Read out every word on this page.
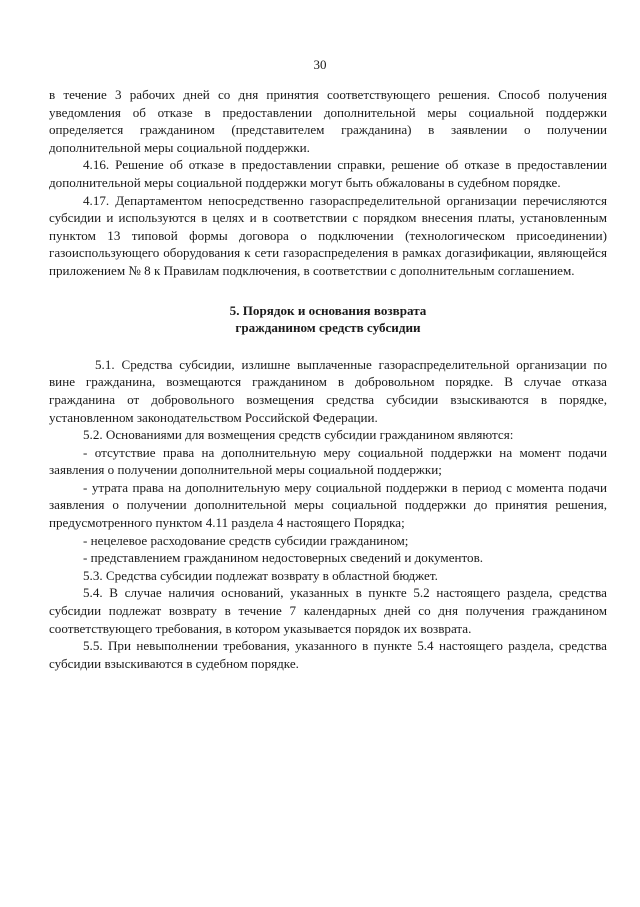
30

в течение 3 рабочих дней со дня принятия соответствующего решения. Способ получения уведомления об отказе в предоставлении дополнительной меры социальной поддержки определяется гражданином (представителем гражданина) в заявлении о получении дополнительной меры социальной поддержки.

4.16. Решение об отказе в предоставлении справки, решение об отказе в предоставлении дополнительной меры социальной поддержки могут быть обжалованы в судебном порядке.

4.17. Департаментом непосредственно газораспределительной организации перечисляются субсидии и используются в целях и в соответствии с порядком внесения платы, установленным пунктом 13 типовой формы договора о подключении (технологическом присоединении) газоиспользующего оборудования к сети газораспределения в рамках догазификации, являющейся приложением № 8 к Правилам подключения, в соответствии с дополнительным соглашением.

5. Порядок и основания возврата
гражданином средств субсидии

5.1. Средства субсидии, излишне выплаченные газораспределительной организации по вине гражданина, возмещаются гражданином в добровольном порядке. В случае отказа гражданина от добровольного возмещения средства субсидии взыскиваются в порядке, установленном законодательством Российской Федерации.

5.2. Основаниями для возмещения средств субсидии гражданином являются:

- отсутствие права на дополнительную меру социальной поддержки на момент подачи заявления о получении дополнительной меры социальной поддержки;

- утрата права на дополнительную меру социальной поддержки в период с момента подачи заявления о получении дополнительной меры социальной поддержки до принятия решения, предусмотренного пунктом 4.11 раздела 4 настоящего Порядка;

- нецелевое расходование средств субсидии гражданином;

- представлением гражданином недостоверных сведений и документов.

5.3. Средства субсидии подлежат возврату в областной бюджет.

5.4. В случае наличия оснований, указанных в пункте 5.2 настоящего раздела, средства субсидии подлежат возврату в течение 7 календарных дней со дня получения гражданином соответствующего требования, в котором указывается порядок их возврата.

5.5. При невыполнении требования, указанного в пункте 5.4 настоящего раздела, средства субсидии взыскиваются в судебном порядке.
